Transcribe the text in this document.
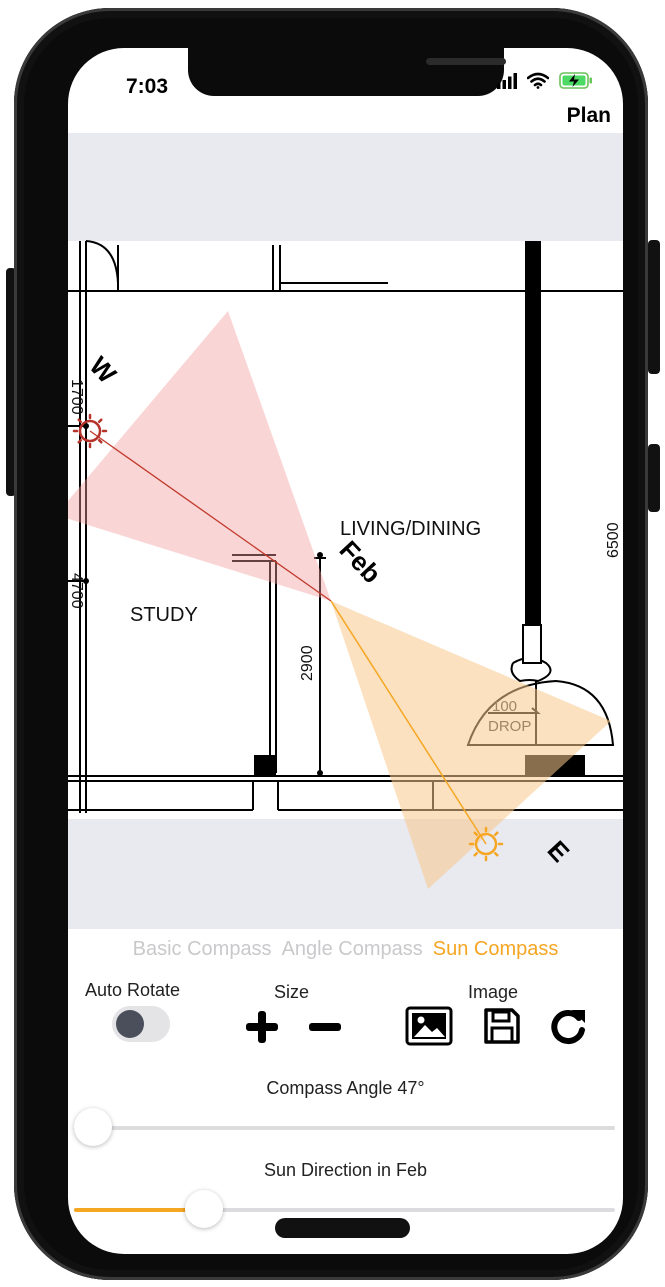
7:03
Plan
LIVING/DINING
STUDY
2900
6500
1700
4700
W
E
Feb
Basic Compass Angle Compass Sun Compass
Auto Rotate	Size	Image
Compass Angle 47°
Sun Direction in Feb
